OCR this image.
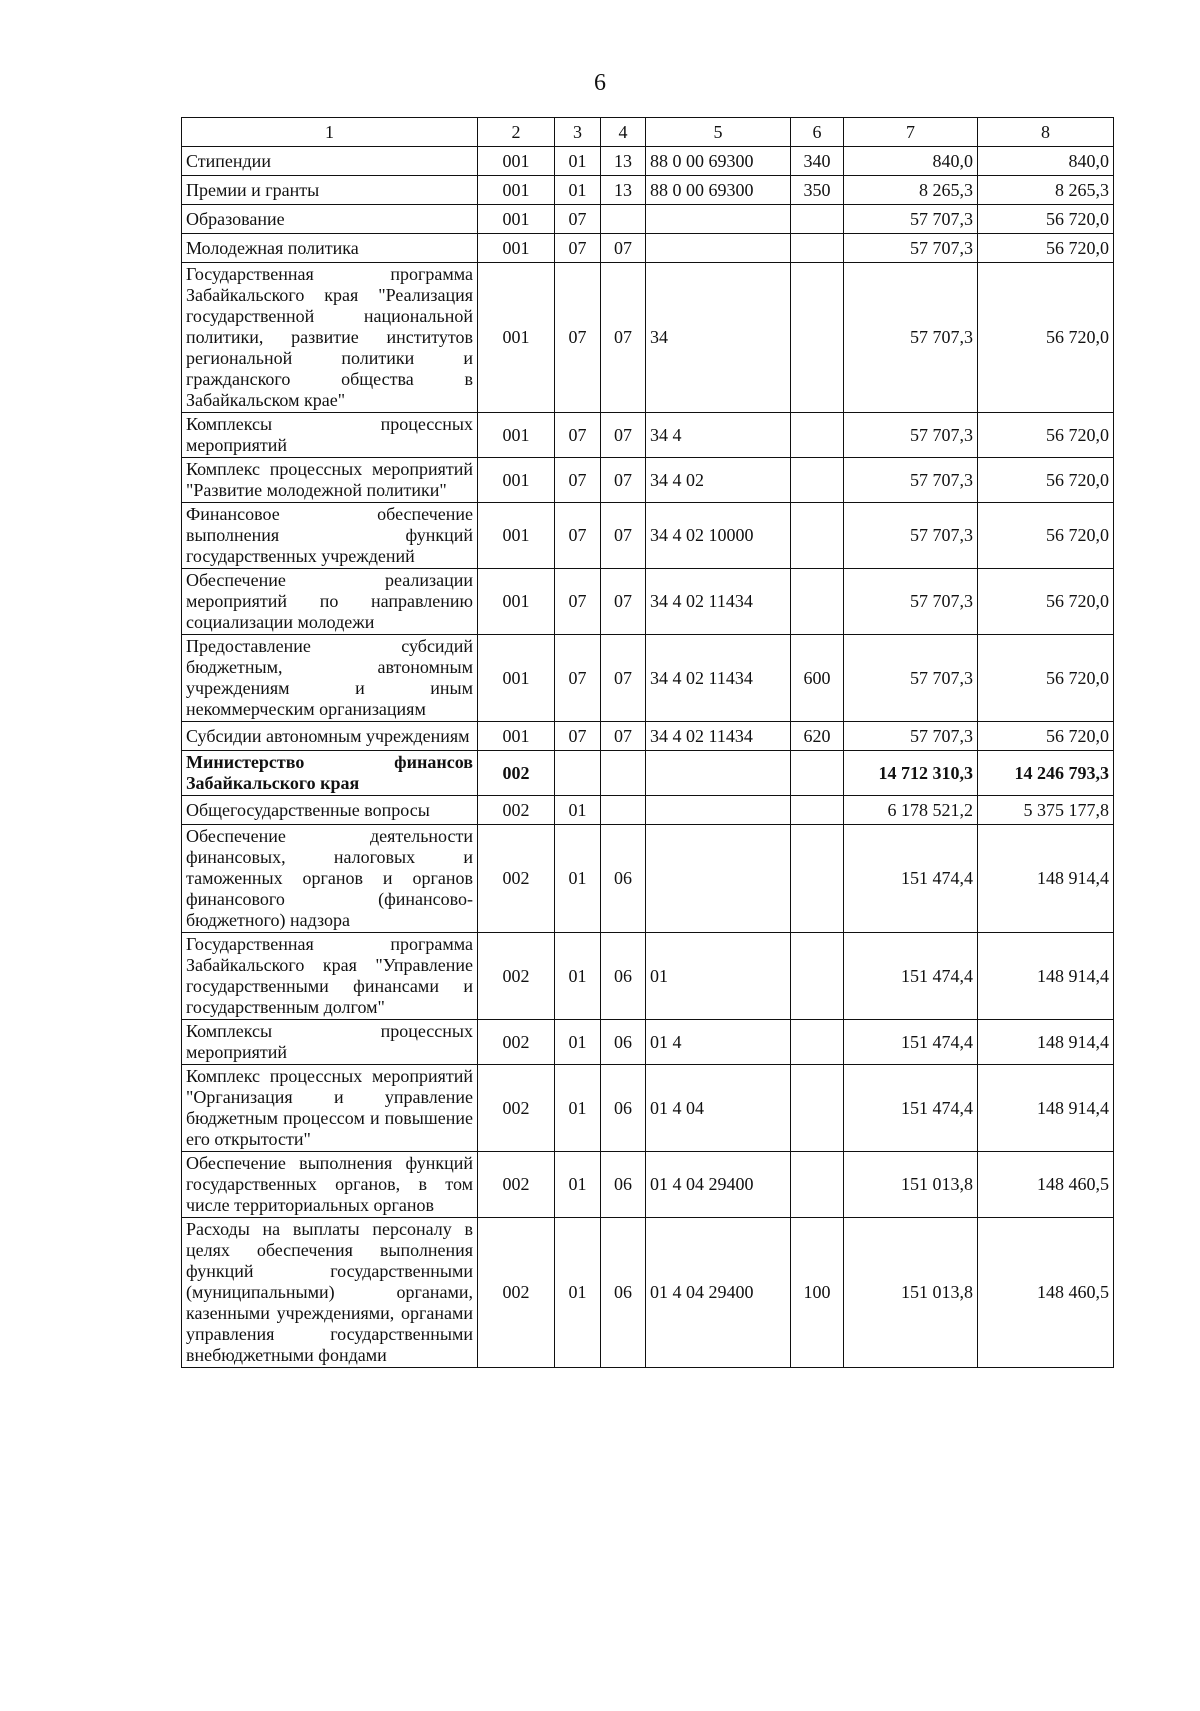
6
1	2	3	4	5	6	7	8
Стипендии	001	01	13	88 0 00 69300	340	840,0	840,0
Премии и гранты	001	01	13	88 0 00 69300	350	8 265,3	8 265,3
Образование	001	07				57 707,3	56 720,0
Молодежная политика	001	07	07			57 707,3	56 720,0
Государственная программа Забайкальского края "Реализация государственной национальной политики, развитие институтов региональной политики и гражданского общества в Забайкальском крае"	001	07	07	34		57 707,3	56 720,0
Комплексы процессных мероприятий	001	07	07	34 4		57 707,3	56 720,0
Комплекс процессных мероприятий "Развитие молодежной политики"	001	07	07	34 4 02		57 707,3	56 720,0
Финансовое обеспечение выполнения функций государственных учреждений	001	07	07	34 4 02 10000		57 707,3	56 720,0
Обеспечение реализации мероприятий по направлению социализации молодежи	001	07	07	34 4 02 11434		57 707,3	56 720,0
Предоставление субсидий бюджетным, автономным учреждениям и иным некоммерческим организациям	001	07	07	34 4 02 11434	600	57 707,3	56 720,0
Субсидии автономным учреждениям	001	07	07	34 4 02 11434	620	57 707,3	56 720,0
Министерство финансов Забайкальского края	002					14 712 310,3	14 246 793,3
Общегосударственные вопросы	002	01				6 178 521,2	5 375 177,8
Обеспечение деятельности финансовых, налоговых и таможенных органов и органов финансового (финансово-бюджетного) надзора	002	01	06			151 474,4	148 914,4
Государственная программа Забайкальского края "Управление государственными финансами и государственным долгом"	002	01	06	01		151 474,4	148 914,4
Комплексы процессных мероприятий	002	01	06	01 4		151 474,4	148 914,4
Комплекс процессных мероприятий "Организация и управление бюджетным процессом и повышение его открытости"	002	01	06	01 4 04		151 474,4	148 914,4
Обеспечение выполнения функций государственных органов, в том числе территориальных органов	002	01	06	01 4 04 29400		151 013,8	148 460,5
Расходы на выплаты персоналу в целях обеспечения выполнения функций государственными (муниципальными) органами, казенными учреждениями, органами управления государственными внебюджетными фондами	002	01	06	01 4 04 29400	100	151 013,8	148 460,5
